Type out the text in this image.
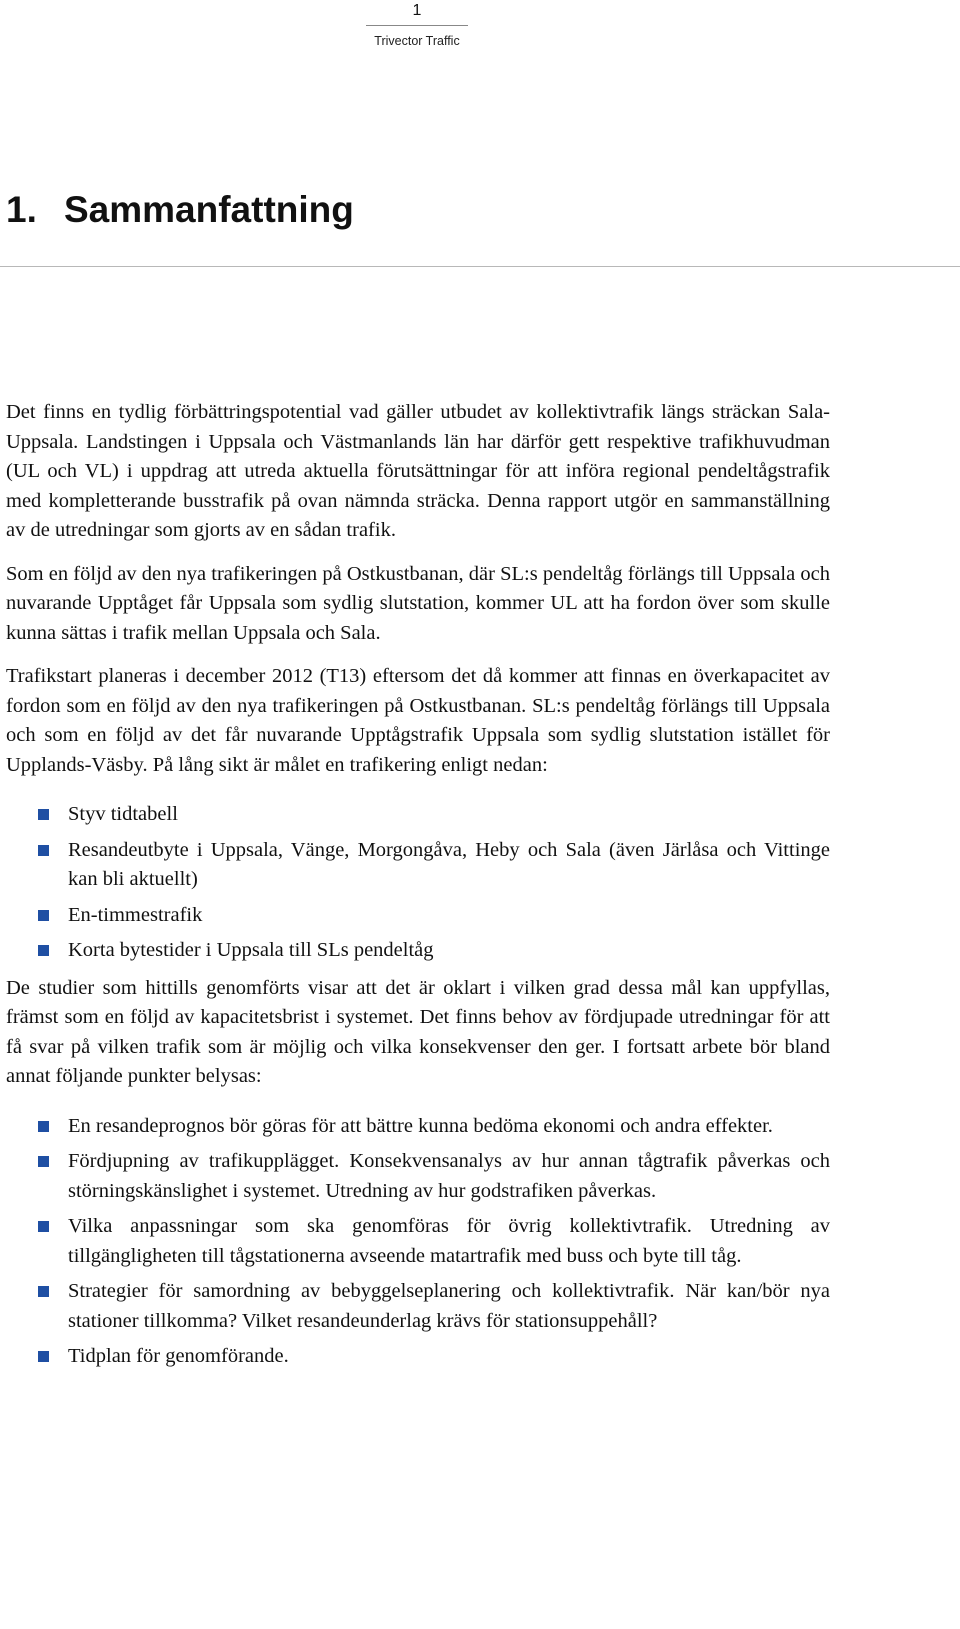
1
Trivector Traffic
1. Sammanfattning

Det finns en tydlig förbättringspotential vad gäller utbudet av kollektivtrafik längs sträckan Sala-Uppsala. Landstingen i Uppsala och Västmanlands län har därför gett respektive trafikhuvudman (UL och VL) i uppdrag att utreda aktuella förutsättningar för att införa regional pendeltågstrafik med kompletterande busstrafik på ovan nämnda sträcka. Denna rapport utgör en sammanställning av de utredningar som gjorts av en sådan trafik.

Som en följd av den nya trafikeringen på Ostkustbanan, där SL:s pendeltåg förlängs till Uppsala och nuvarande Upptåget får Uppsala som sydlig slutstation, kommer UL att ha fordon över som skulle kunna sättas i trafik mellan Uppsala och Sala.

Trafikstart planeras i december 2012 (T13) eftersom det då kommer att finnas en överkapacitet av fordon som en följd av den nya trafikeringen på Ostkustbanan. SL:s pendeltåg förlängs till Uppsala och som en följd av det får nuvarande Upptågstrafik Uppsala som sydlig slutstation istället för Upplands-Väsby. På lång sikt är målet en trafikering enligt nedan:

Styv tidtabell
Resandeutbyte i Uppsala, Vänge, Morgongåva, Heby och Sala (även Järlåsa och Vittinge kan bli aktuellt)
En-timmestrafik
Korta bytestider i Uppsala till SLs pendeltåg

De studier som hittills genomförts visar att det är oklart i vilken grad dessa mål kan uppfyllas, främst som en följd av kapacitetsbrist i systemet. Det finns behov av fördjupade utredningar för att få svar på vilken trafik som är möjlig och vilka konsekvenser den ger. I fortsatt arbete bör bland annat följande punkter belysas:

En resandeprognos bör göras för att bättre kunna bedöma ekonomi och andra effekter.
Fördjupning av trafikupplägget. Konsekvensanalys av hur annan tågtrafik påverkas och störningskänslighet i systemet. Utredning av hur godstrafiken påverkas.
Vilka anpassningar som ska genomföras för övrig kollektivtrafik. Utredning av tillgängligheten till tågstationerna avseende matartrafik med buss och byte till tåg.
Strategier för samordning av bebyggelseplanering och kollektivtrafik. När kan/bör nya stationer tillkomma? Vilket resandeunderlag krävs för stationsuppehåll?
Tidplan för genomförande.
